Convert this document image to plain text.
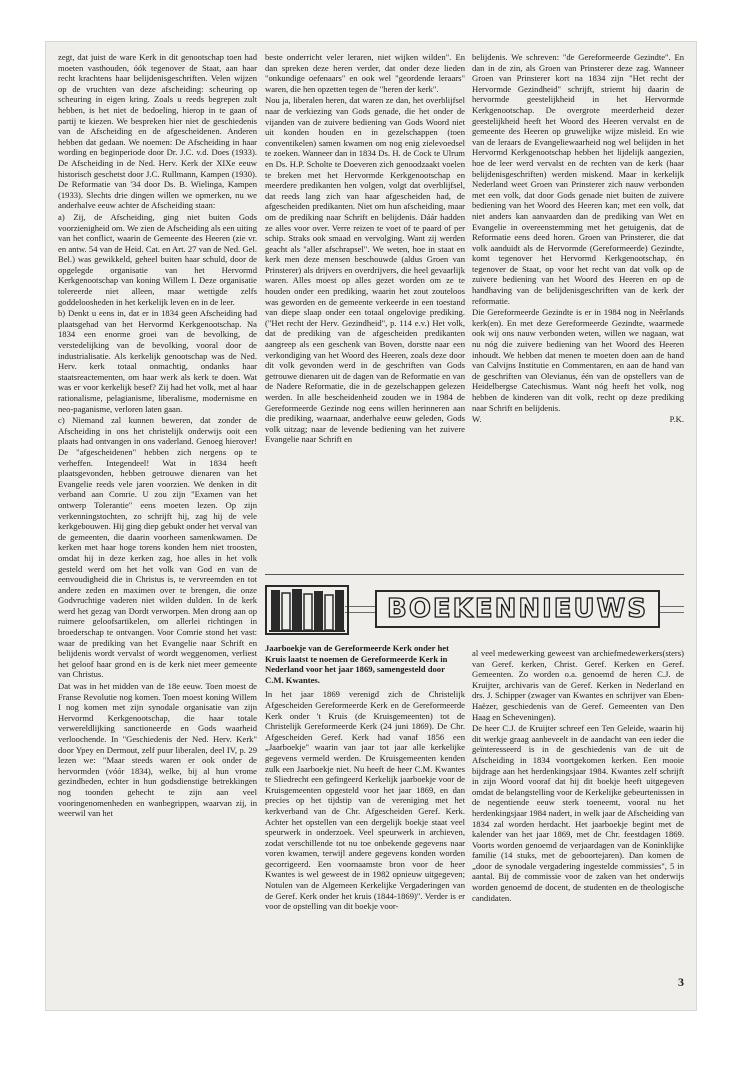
zegt, dat juist de ware Kerk in dit genootschap toen had moeten vasthouden, óók tegenover de Staat, aan haar recht krachtens haar belijdenisgeschriften. Velen wijzen op de vruchten van deze afscheiding: scheuring op scheuring in eigen kring. Zoals u reeds begrepen zult hebben, is het niet de bedoeling, hierop in te gaan of partij te kiezen. We bespreken hier niet de geschiedenis van de Afscheiding en de afgescheidenen. Anderen hebben dat gedaan. We noemen: De Afscheiding in haar wording en beginperiode door Dr. J.C. v.d. Does (1933). De Afscheiding in de Ned. Herv. Kerk der XIXe eeuw historisch geschetst door J.C. Rullmann, Kampen (1930). De Reformatie van '34 door Ds. B. Wielinga, Kampen (1933). Slechts drie dingen willen we opmerken, nu we anderhalve eeuw achter de Afscheiding staan:

a) Zij, de Afscheiding, ging niet buiten Gods voorzienigheid om. We zien de Afscheiding als een uiting van het conflict, waarin de Gemeente des Heeren (zie vr. en antw. 54 van de Heid. Cat. en Art. 27 van de Ned. Gel. Bel.) was gewikkeld, geheel buiten haar schuld, door de opgelegde organisatie van het Hervormd Kerkgenootschap van koning Willem I. Deze organisatie tolereerde niet alleen, maar wettigde zelfs goddeloosheden in het kerkelijk leven en in de leer.

b) Denkt u eens in, dat er in 1834 geen Afscheiding had plaatsgehad van het Hervormd Kerkgenootschap. Na 1834 een enorme groei van de bevolking, de verstedelijking van de bevolking, vooral door de industrialisatie. Als kerkelijk genootschap was de Ned. Herv. kerk totaal onmachtig, ondanks haar staatsreactementen, om haar werk als kerk te doen. Wat was er voor kerkelijk besef? Zij had het volk, met al haar rationalisme, pelagianisme, liberalisme, modernisme en neo-paganisme, verloren laten gaan.

c) Niemand zal kunnen beweren, dat zonder de Afscheiding in ons het christelijk onderwijs ooit een plaats had ontvangen in ons vaderland. Genoeg hierover! De "afgescheidenen" hebben zich nergens op te verheffen. Integendeel! Wat in 1834 heeft plaatsgevonden, hebben getrouwe dienaren van het Evangelie reeds vele jaren voorzien. We denken in dit verband aan Comrie. U zou zijn "Examen van het ontwerp Tolerantie" eens moeten lezen. Op zijn verkenningstochten, zo schrijft hij, zag hij de vele kerkgebouwen. Hij ging diep gebukt onder het verval van de gemeenten, die daarin voorheen samenkwamen. De kerken met haar hoge torens konden hem niet troosten, omdat hij in deze kerken zag, hoe alles in het volk gesteld werd om het het volk van God en van de eenvoudigheid die in Christus is, te vervreemden en tot andere zeden en maximen over te brengen, die onze Godvruchtige vaderen niet wilden dulden. In de kerk werd het gezag van Dordt verworpen. Men drong aan op ruimere geloofsartikelen, om allerlei richtingen in broederschap te ontvangen. Voor Comrie stond het vast: waar de prediking van het Evangelie naar Schrift en belijdenis wordt vervalst of wordt weggenomen, verliest het geloof haar grond en is de kerk niet meer gemeente van Christus.

Dat was in het midden van de 18e eeuw. Toen moest de Franse Revolutie nog komen. Toen moest koning Willem I nog komen met zijn synodale organisatie van zijn Hervormd Kerkgenootschap, die haar totale verwereldlijking sanctioneerde en Gods waarheid verloochende. In "Geschiedenis der Ned. Herv. Kerk" door Ypey en Dermout, zelf puur liberalen, deel IV, p. 29 lezen we: "Maar steeds waren er ook onder de hervormden (vóór 1834), welke, bij al hun vrome gezindheden, echter in hun godsdienstige betrekkingen nog toonden gehecht te zijn aan veel vooringenomenheden en wanbegrippen, waarvan zij, in weerwil van het

beste onderricht veler leraren, niet wijken wilden". En dan spreken deze heren verder, dat onder deze lieden "onkundige oefenaars" en ook wel "geordende leraars" waren, die hen opzetten tegen de "heren der kerk".

Nou ja, liberalen heren, dat waren ze dan, het overblijfsel naar de verkiezing van Gods genade, die het onder de vijanden van de zuivere bediening van Gods Woord niet uit konden houden en in gezelschappen (toen conventikelen) samen kwamen om nog enig zielevoedsel te zoeken. Wanneer dan in 1834 Ds. H. de Cock te Ulrum en Ds. H.P. Scholte te Doeveren zich genoodzaakt voelen te breken met het Hervormde Kerkgenootschap en meerdere predikanten hen volgen, volgt dat overblijfsel, dat reeds lang zich van haar afgescheiden had, de afgescheiden predikanten. Niet om hun afscheiding, maar om de prediking naar Schrift en belijdenis. Dáár hadden ze alles voor over. Verre reizen te voet of te paard of per schip. Straks ook smaad en vervolging. Want zij werden geacht als "aller afschrapsel". We weten, hoe in staat en kerk men deze mensen beschouwde (aldus Groen van Prinsterer) als drijvers en overdrijvers, die heel gevaarlijk waren. Alles moest op alles gezet worden om ze te houden onder een prediking, waarin het zout zouteloos was geworden en de gemeente verkeerde in een toestand van diepe slaap onder een totaal ongelovige prediking. ("Het recht der Herv. Gezindheid", p. 114 e.v.) Het volk, dat de prediking van de afgescheiden predikanten aangreep als een geschenk van Boven, dorstte naar een verkondiging van het Woord des Heeren, zoals deze door dit volk gevonden werd in de geschriften van Gods getrouwe dienaren uit de dagen van de Reformatie en van de Nadere Reformatie, die in de gezelschappen gelezen werden. In alle bescheidenheid zouden we in 1984 de Gereformeerde Gezinde nog eens willen herinneren aan die prediking, waarnaar, anderhalve eeuw geleden, Gods volk uitzag; naar de levende bediening van het zuivere Evangelie naar Schrift en

belijdenis. We schreven: "de Gereformeerde Gezindte". En dan in de zin, als Groen van Prinsterer deze zag. Wanneer Groen van Prinsterer kort na 1834 zijn "Het recht der Hervormde Gezindheid" schrijft, striemt hij daarin de hervormde geestelijkheid in het Hervormde Kerkgenootschap. De overgrote meerderheid dezer geestelijkheid heeft het Woord des Heeren vervalst en de gemeente des Heeren op gruwelijke wijze misleid. En wie van de leraars de Evangeliewaarheid nog wel belijden in het Hervormd Kerkgenootschap hebben het lijdelijk aangezien, hoe de leer werd vervalst en de rechten van de kerk (haar belijdenisgeschriften) werden miskend. Maar in kerkelijk Nederland weet Groen van Prinsterer zich nauw verbonden met een volk, dat door Gods genade niet buiten de zuivere bediening van het Woord des Heeren kan; met een volk, dat niet anders kan aanvaarden dan de prediking van Wet en Evangelie in overeenstemming met het getuigenis, dat de Reformatie eens deed horen. Groen van Prinsterer, die dat volk aanduidt als de Hervormde (Gereformeerde) Gezindte, komt tegenover het Hervormd Kerkgenootschap, én tegenover de Staat, op voor het recht van dat volk op de zuivere bediening van het Woord des Heeren en op de handhaving van de belijdenisgeschriften van de kerk der reformatie.

Die Gereformeerde Gezindte is er in 1984 nog in Neêrlands kerk(en). En met deze Gereformeerde Gezindte, waarmede ook wij ons nauw verbonden weten, willen we nagaan, wat nu nóg die zuivere bediening van het Woord des Heeren inhoudt. We hebben dat menen te moeten doen aan de hand van Calvijns Institutie en Commentaren, en aan de hand van de geschriften van Olevianus, één van de opstellers van de Heidelbergse Catechismus. Want nóg heeft het volk, nog hebben de kinderen van dit volk, recht op deze prediking naar Schrift en belijdenis.

W.	P.K.
BOEKENNIEUWS

Jaarboekje van de Gereformeerde Kerk onder het Kruis laatst te noemen de Gereformeerde Kerk in Nederland voor het jaar 1869, samengesteld door C.M. Kwantes.

In het jaar 1869 verenigd zich de Christelijk Afgescheiden Gereformeerde Kerk en de Gereformeerde Kerk onder 't Kruis (de Kruisgemeenten) tot de Christelijk Gereformeerde Kerk (24 juni 1869). De Chr. Afgescheiden Geref. Kerk had vanaf 1856 een „Jaarboekje" waarin van jaar tot jaar alle kerkelijke gegevens vermeld werden. De Kruisgemeenten kenden zulk een Jaarboekje niet. Nu heeft de heer C.M. Kwantes te Sliedrecht een gefingeerd Kerkelijk jaarboekje voor de Kruisgemeenten opgesteld voor het jaar 1869, en dan precies op het tijdstip van de vereniging met het kerkverband van de Chr. Afgescheiden Geref. Kerk. Achter het opstellen van een dergelijk boekje staat veel speurwerk in onderzoek. Veel speurwerk in archieven, zodat verschillende tot nu toe onbekende gegevens naar voren kwamen, terwijl andere gegevens konden worden gecorrigeerd. Een voornaamste bron voor de heer Kwantes is wel geweest de in 1982 opnieuw uitgegeven; Notulen van de Algemeen Kerkelijke Vergaderingen van de Geref. Kerk onder het kruis (1844-1869)". Verder is er voor de opstelling van dit boekje voor-

al veel medewerking geweest van archiefmedewerkers(sters) van Geref. kerken, Christ. Geref. Kerken en Geref. Gemeenten. Zo worden o.a. genoemd de heren C.J. de Kruijter, archivaris van de Geref. Kerken in Nederland en drs. J. Schipper (zwager van Kwantes en schrijver van Eben-Haëzer, geschiedenis van de Geref. Gemeenten van Den Haag en Scheveningen).

De heer C.J. de Kruijter schreef een Ten Geleide, waarin hij dit werkje graag aanbeveelt in de aandacht van een ieder die geïnteresseerd is in de geschiedenis van de uit de Afscheiding in 1834 voortgekomen kerken. Een mooie bijdrage aan het herdenkingsjaar 1984. Kwantes zelf schrijft in zijn Woord vooraf dat hij dit boekje heeft uitgegeven omdat de belangstelling voor de Kerkelijke gebeurtenissen in de negentiende eeuw sterk toeneemt, vooral nu het herdenkingsjaar 1984 nadert, in welk jaar de Afscheiding van 1834 zal worden herdacht. Het jaarboekje begint met de kalender van het jaar 1869, met de Chr. feestdagen 1869. Voorts worden genoemd de verjaardagen van de Koninklijke familie (14 stuks, met de geboortejaren). Dan komen de „door de synodale vergadering ingestelde commissies", 5 in aantal. Bij de commissie voor de zaken van het onderwijs worden genoemd de docent, de studenten en de theologische candidaten.

3
